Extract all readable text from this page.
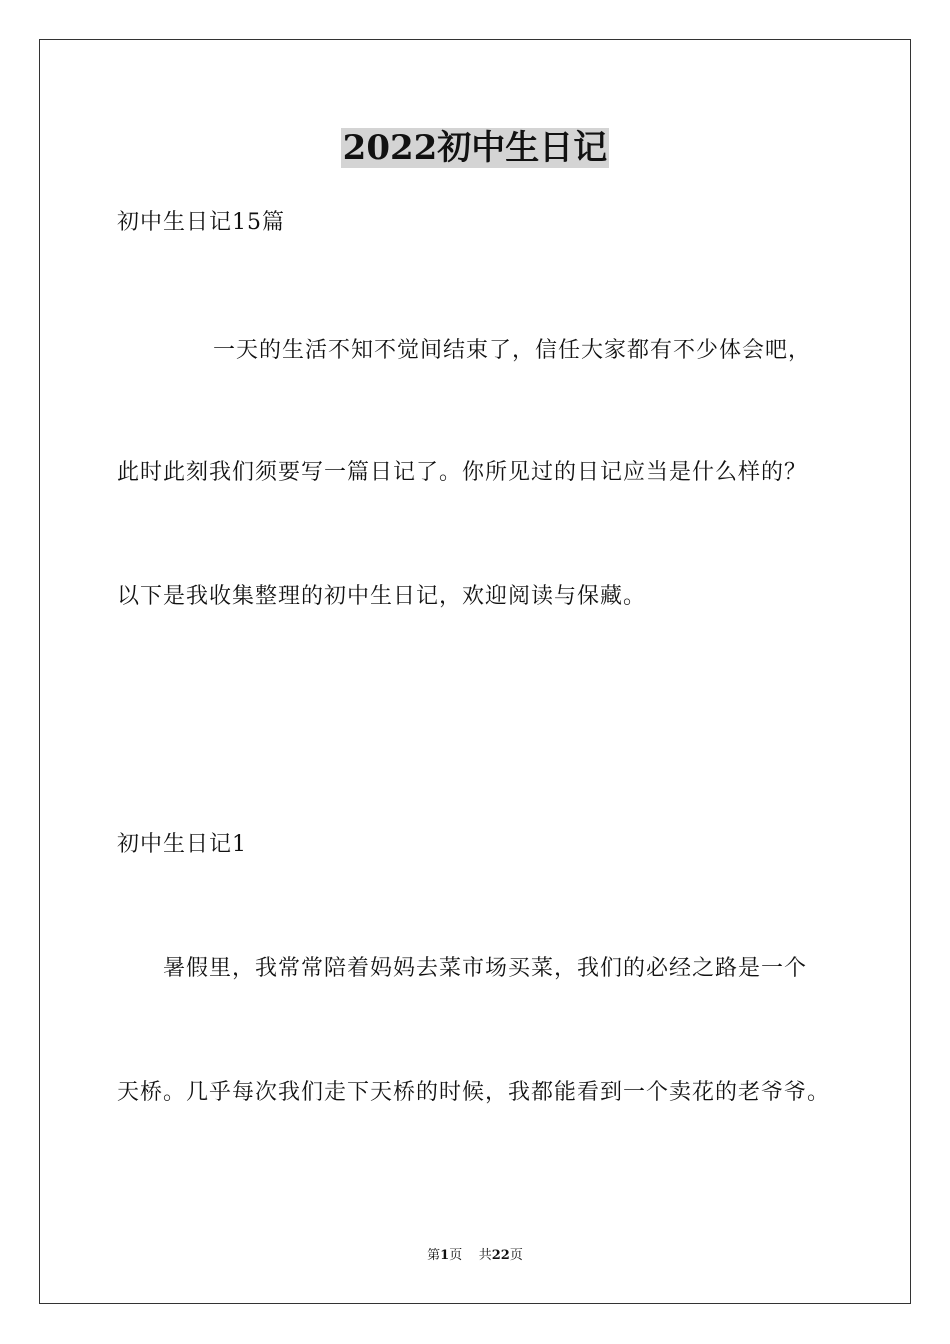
2022初中生日记

初中生日记15篇

一天的生活不知不觉间结束了，信任大家都有不少体会吧，

此时此刻我们须要写一篇日记了。你所见过的日记应当是什么样的？

以下是我收集整理的初中生日记，欢迎阅读与保藏。

初中生日记1

暑假里，我常常陪着妈妈去菜市场买菜，我们的必经之路是一个

天桥。几乎每次我们走下天桥的时候，我都能看到一个卖花的老爷爷。

第1页 共22页
